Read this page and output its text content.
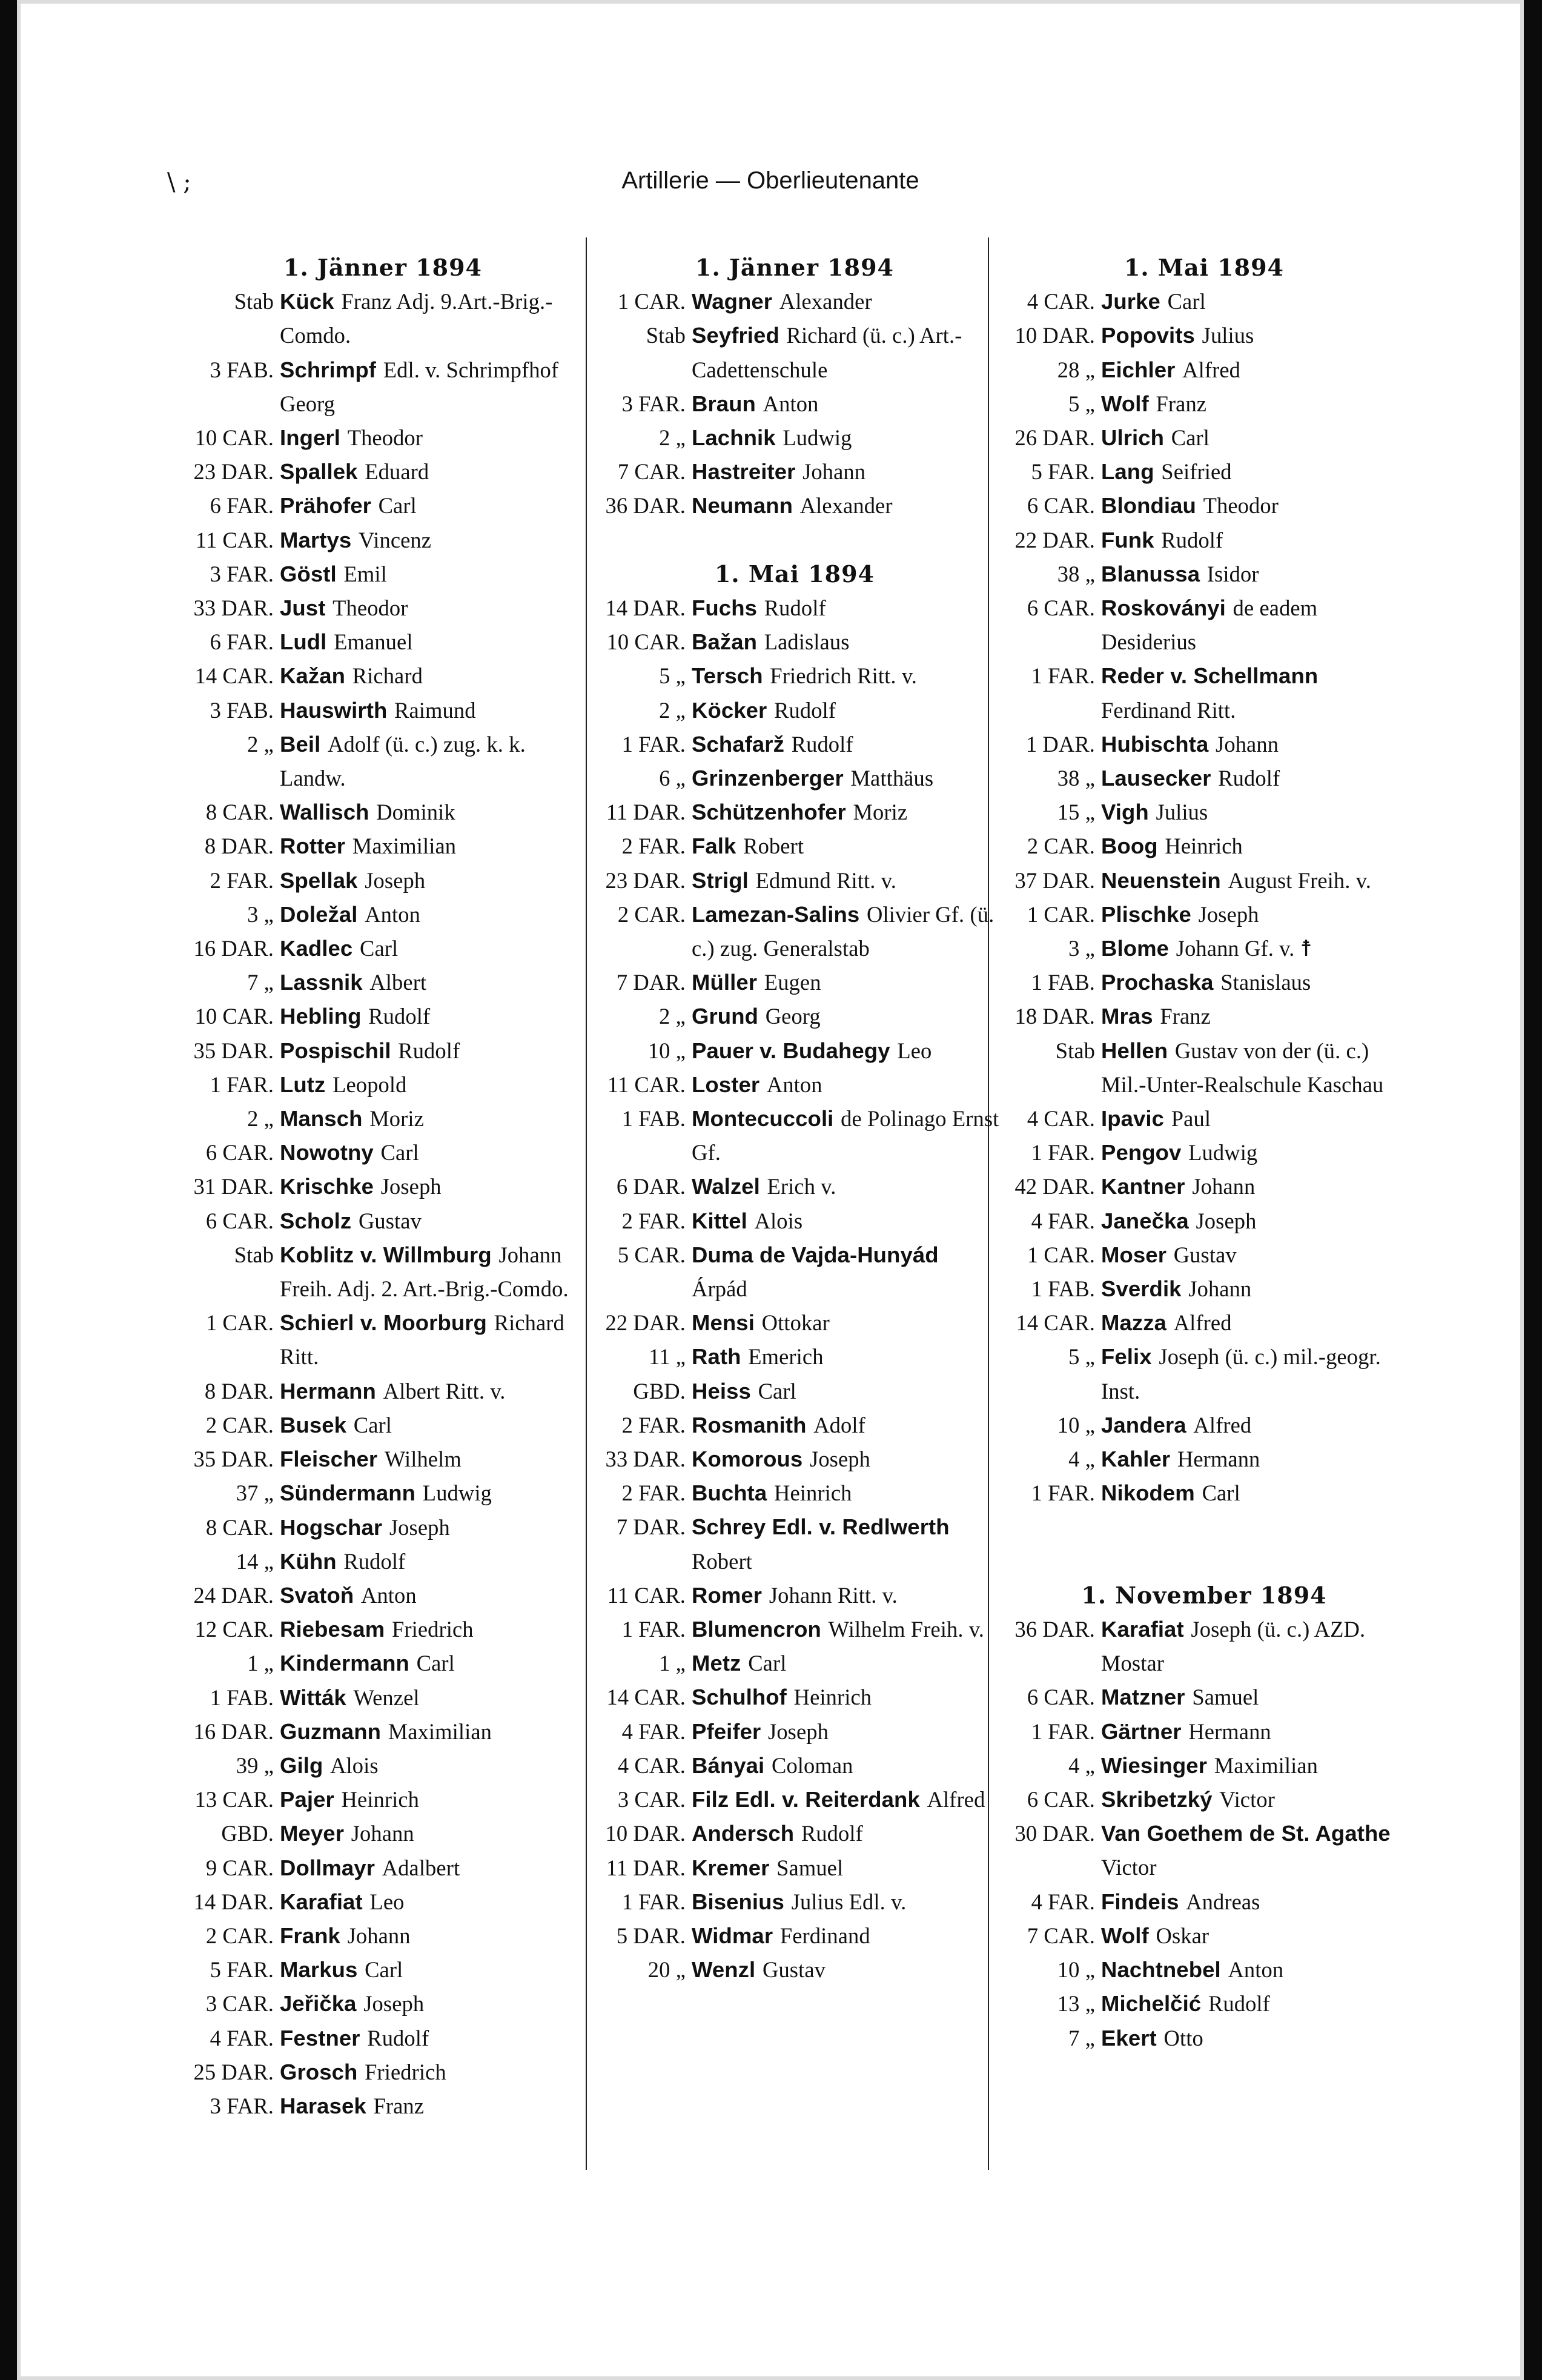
\ ;	Artillerie — Oberlieutenante
1. Jänner 1894
Stab Kück Franz Adj. 9.Art.-Brig.-Comdo.
3 FAB. Schrimpf Edl. v. Schrimpfhof Georg
10 CAR. Ingerl Theodor
23 DAR. Spallek Eduard
6 FAR. Prähofer Carl
11 CAR. Martys Vincenz
3 FAR. Göstl Emil
33 DAR. Just Theodor
6 FAR. Ludl Emanuel
14 CAR. Kažan Richard
3 FAB. Hauswirth Raimund
2 „ Beil Adolf (ü. c.) zug. k. k. Landw.
8 CAR. Wallisch Dominik
8 DAR. Rotter Maximilian
2 FAR. Spellak Joseph
3 „ Doležal Anton
16 DAR. Kadlec Carl
7 „ Lassnik Albert
10 CAR. Hebling Rudolf
35 DAR. Pospischil Rudolf
1 FAR. Lutz Leopold
2 „ Mansch Moriz
6 CAR. Nowotny Carl
31 DAR. Krischke Joseph
6 CAR. Scholz Gustav
Stab Koblitz v. Willmburg Johann Freih. Adj. 2. Art.-Brig.-Comdo.
1 CAR. Schierl v. Moorburg Richard Ritt.
8 DAR. Hermann Albert Ritt. v.
2 CAR. Busek Carl
35 DAR. Fleischer Wilhelm
37 „ Sündermann Ludwig
8 CAR. Hogschar Joseph
14 „ Kühn Rudolf
24 DAR. Svatoň Anton
12 CAR. Riebesam Friedrich
1 „ Kindermann Carl
1 FAB. Witták Wenzel
16 DAR. Guzmann Maximilian
39 „ Gilg Alois
13 CAR. Pajer Heinrich
GBD. Meyer Johann
9 CAR. Dollmayr Adalbert
14 DAR. Karafiat Leo
2 CAR. Frank Johann
5 FAR. Markus Carl
3 CAR. Jeřička Joseph
4 FAR. Festner Rudolf
25 DAR. Grosch Friedrich
3 FAR. Harasek Franz
1. Jänner 1894
1 CAR. Wagner Alexander
Stab Seyfried Richard (ü. c.) Art.-Cadettenschule
3 FAR. Braun Anton
2 „ Lachnik Ludwig
7 CAR. Hastreiter Johann
36 DAR. Neumann Alexander
1. Mai 1894
14 DAR. Fuchs Rudolf
10 CAR. Bažan Ladislaus
5 „ Tersch Friedrich Ritt. v.
2 „ Köcker Rudolf
1 FAR. Schafarž Rudolf
6 „ Grinzenberger Matthäus
11 DAR. Schützenhofer Moriz
2 FAR. Falk Robert
23 DAR. Strigl Edmund Ritt. v.
2 CAR. Lamezan-Salins Olivier Gf. (ü. c.) zug. Generalstab
7 DAR. Müller Eugen
2 „ Grund Georg
10 „ Pauer v. Budahegy Leo
11 CAR. Loster Anton
1 FAB. Montecuccoli de Polinago Ernst Gf.
6 DAR. Walzel Erich v.
2 FAR. Kittel Alois
5 CAR. Duma de Vajda-Hunyád Árpád
22 DAR. Mensi Ottokar
11 „ Rath Emerich
GBD. Heiss Carl
2 FAR. Rosmanith Adolf
33 DAR. Komorous Joseph
2 FAR. Buchta Heinrich
7 DAR. Schrey Edl. v. Redlwerth Robert
11 CAR. Romer Johann Ritt. v.
1 FAR. Blumencron Wilhelm Freih. v.
1 „ Metz Carl
14 CAR. Schulhof Heinrich
4 FAR. Pfeifer Joseph
4 CAR. Bányai Coloman
3 CAR. Filz Edl. v. Reiterdank Alfred
10 DAR. Andersch Rudolf
11 DAR. Kremer Samuel
1 FAR. Bisenius Julius Edl. v.
5 DAR. Widmar Ferdinand
20 „ Wenzl Gustav
1. Mai 1894
4 CAR. Jurke Carl
10 DAR. Popovits Julius
28 „ Eichler Alfred
5 „ Wolf Franz
26 DAR. Ulrich Carl
5 FAR. Lang Seifried
6 CAR. Blondiau Theodor
22 DAR. Funk Rudolf
38 „ Blanussa Isidor
6 CAR. Roskoványi de eadem Desiderius
1 FAR. Reder v. Schellmann Ferdinand Ritt.
1 DAR. Hubischta Johann
38 „ Lausecker Rudolf
15 „ Vigh Julius
2 CAR. Boog Heinrich
37 DAR. Neuenstein August Freih. v.
1 CAR. Plischke Joseph
3 „ Blome Johann Gf. v. ☨
1 FAB. Prochaska Stanislaus
18 DAR. Mras Franz
Stab Hellen Gustav von der (ü. c.) Mil.-Unter-Realschule Kaschau
4 CAR. Ipavic Paul
1 FAR. Pengov Ludwig
42 DAR. Kantner Johann
4 FAR. Janečka Joseph
1 CAR. Moser Gustav
1 FAB. Sverdik Johann
14 CAR. Mazza Alfred
5 „ Felix Joseph (ü. c.) mil.-geogr. Inst.
10 „ Jandera Alfred
4 „ Kahler Hermann
1 FAR. Nikodem Carl
1. November 1894
36 DAR. Karafiat Joseph (ü. c.) AZD. Mostar
6 CAR. Matzner Samuel
1 FAR. Gärtner Hermann
4 „ Wiesinger Maximilian
6 CAR. Skribetzký Victor
30 DAR. Van Goethem de St. Agathe Victor
4 FAR. Findeis Andreas
7 CAR. Wolf Oskar
10 „ Nachtnebel Anton
13 „ Michelčić Rudolf
7 „ Ekert Otto
